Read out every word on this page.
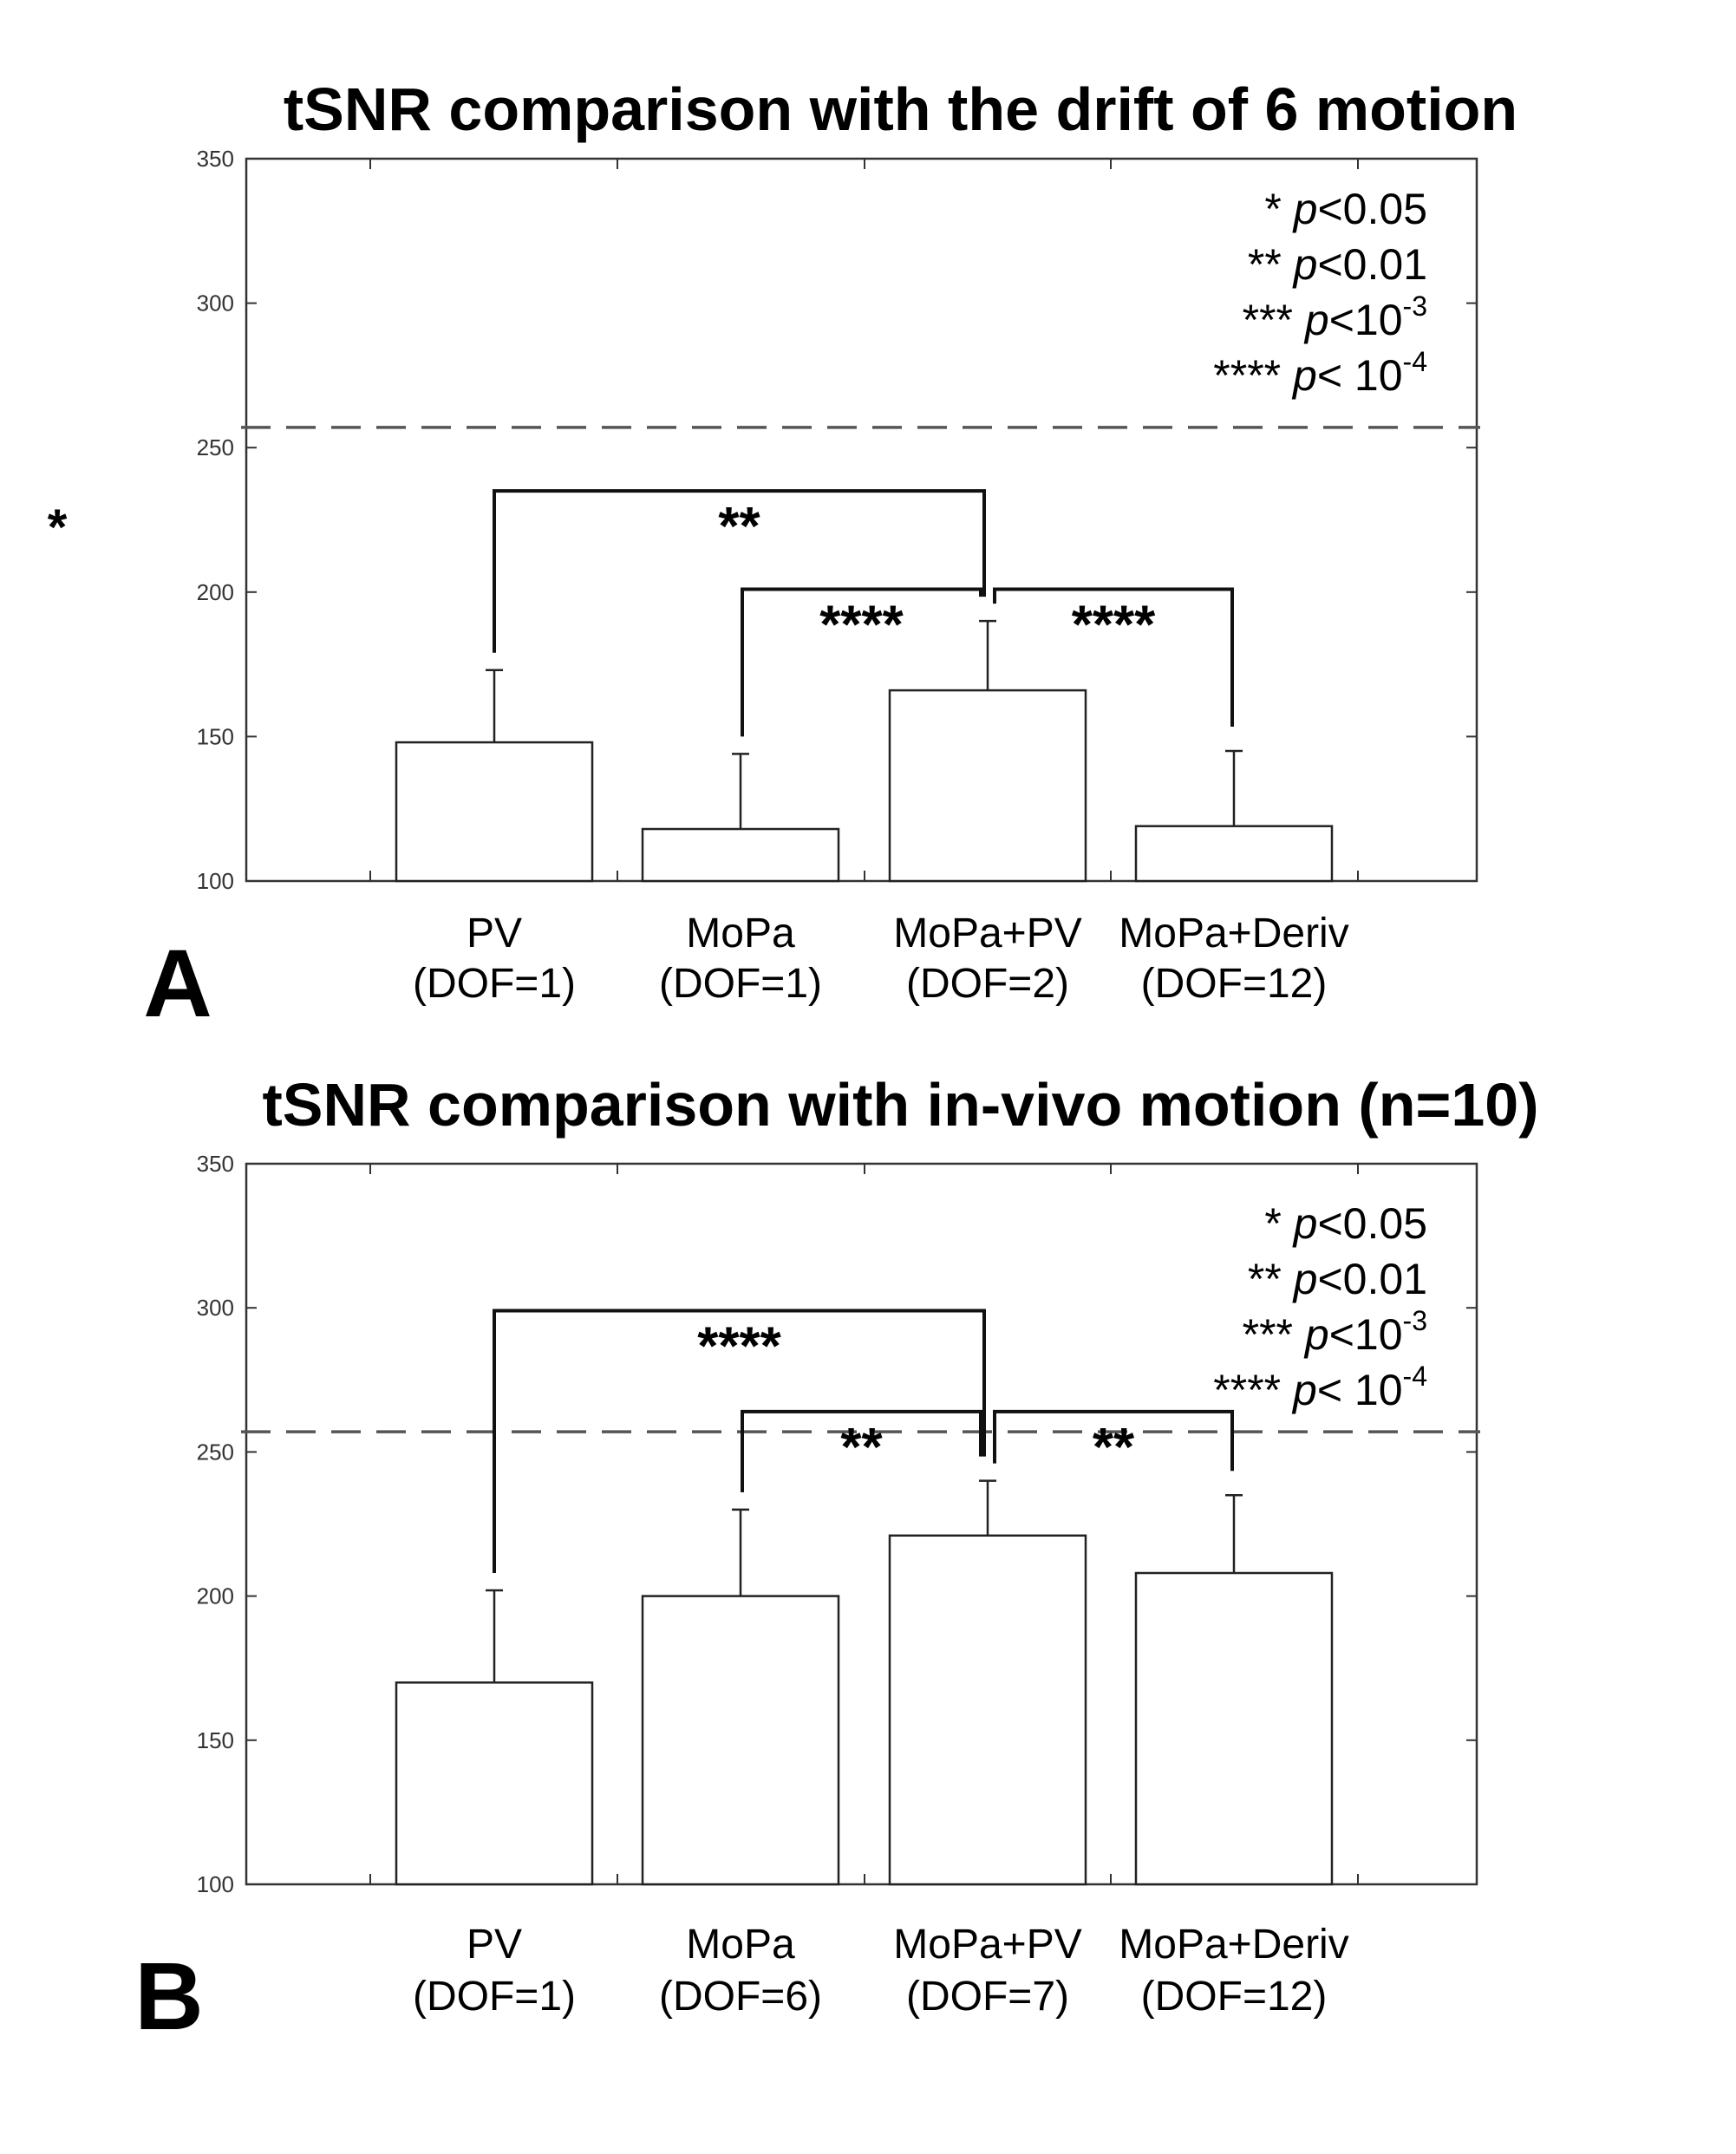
*
tSNR comparison with the drift of 6 motion
A
100
150
200
250
300
350
PV
(DOF=1)
MoPa
(DOF=1)
MoPa+PV
(DOF=2)
MoPa+Deriv
(DOF=12)
**
****	****
* p<0.05
** p<0.01
*** $p<10^{-3}$
**** $p< 10^{-4}$
tSNR comparison with in-vivo motion (n=10)
B
100
150
200
250
300
350
PV
(DOF=1)
MoPa
(DOF=6)
MoPa+PV
(DOF=7)
MoPa+Deriv
(DOF=12)
****
**	**
* p<0.05
** p<0.01
*** $p<10^{-3}$
**** $p< 10^{-4}$
